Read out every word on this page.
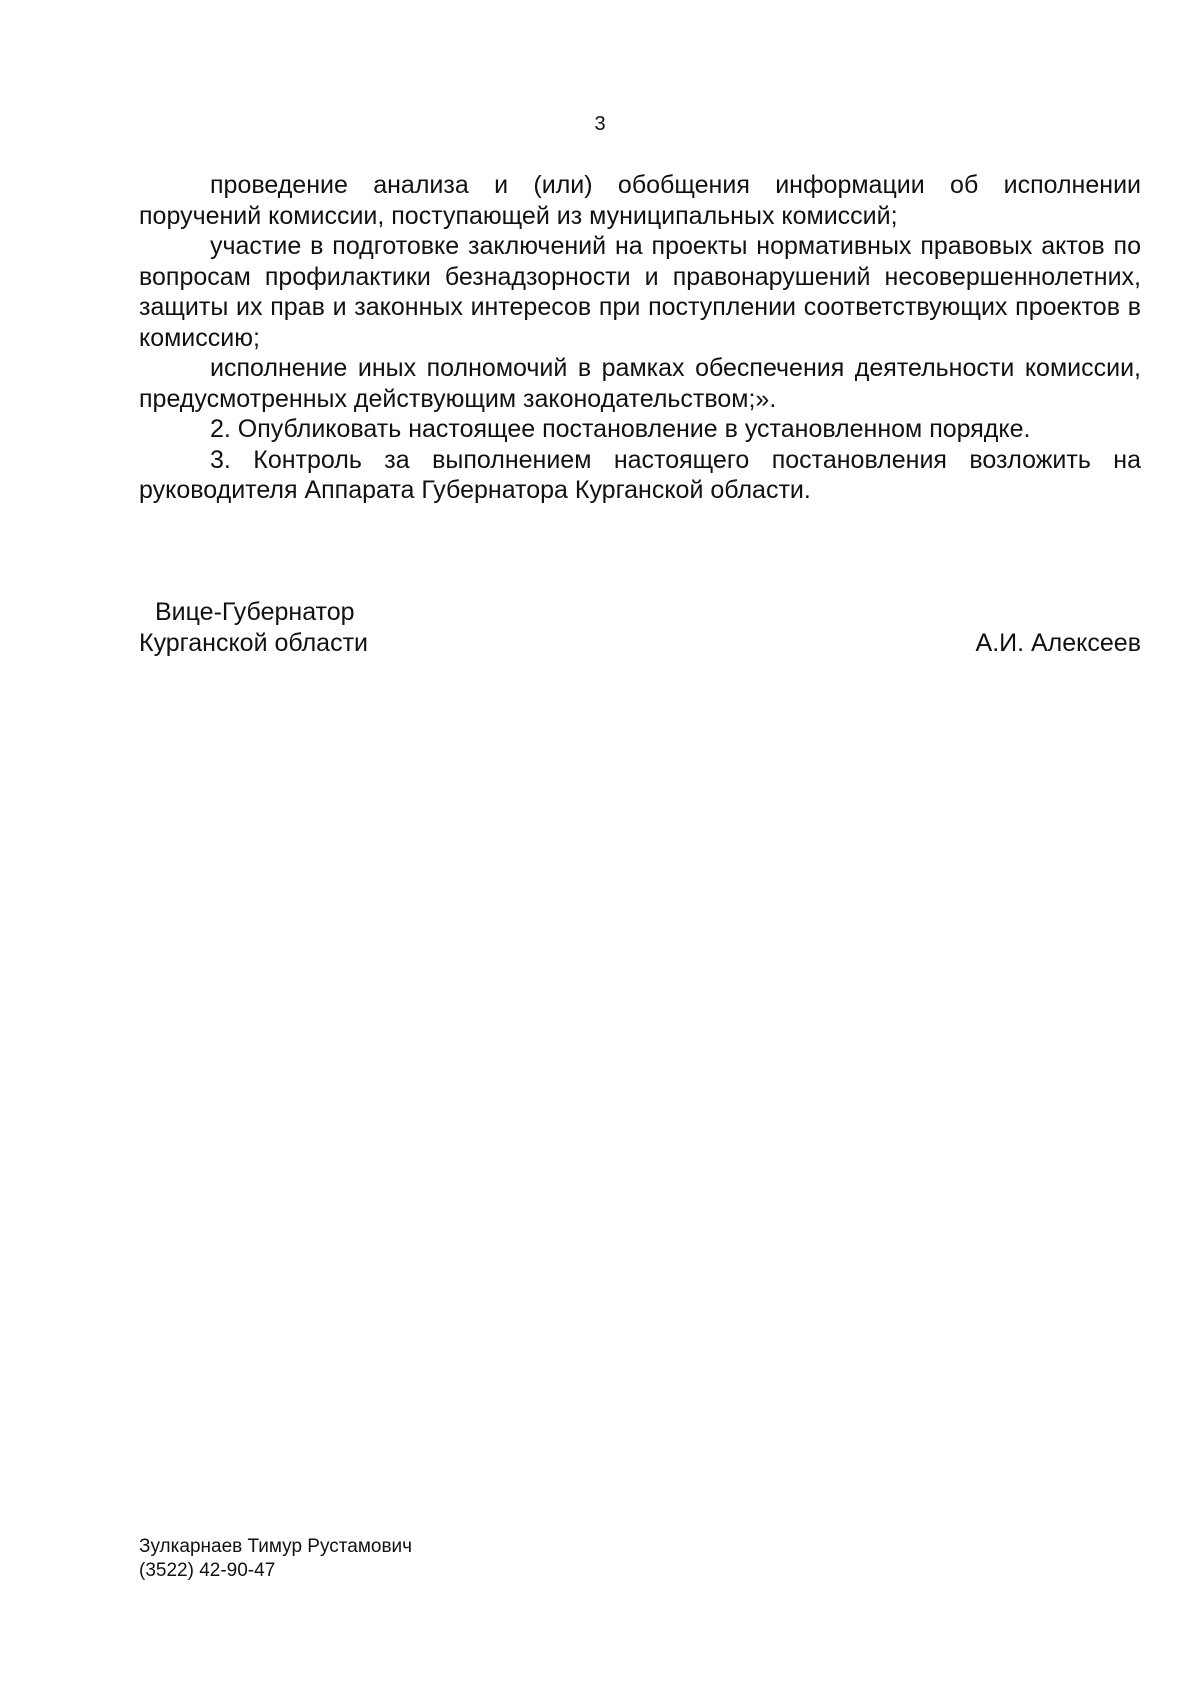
3

проведение анализа и (или) обобщения информации об исполнении поручений комиссии, поступающей из муниципальных комиссий;

участие в подготовке заключений на проекты нормативных правовых актов по вопросам профилактики безнадзорности и правонарушений несовершеннолетних, защиты их прав и законных интересов при поступлении соответствующих проектов в комиссию;

исполнение иных полномочий в рамках обеспечения деятельности комиссии, предусмотренных действующим законодательством;».

2. Опубликовать настоящее постановление в установленном порядке.

3. Контроль за выполнением настоящего постановления возложить на руководителя Аппарата Губернатора Курганской области.

Вице-Губернатор
Курганской области	А.И. Алексеев
Зулкарнаев Тимур Рустамович
(3522) 42-90-47
